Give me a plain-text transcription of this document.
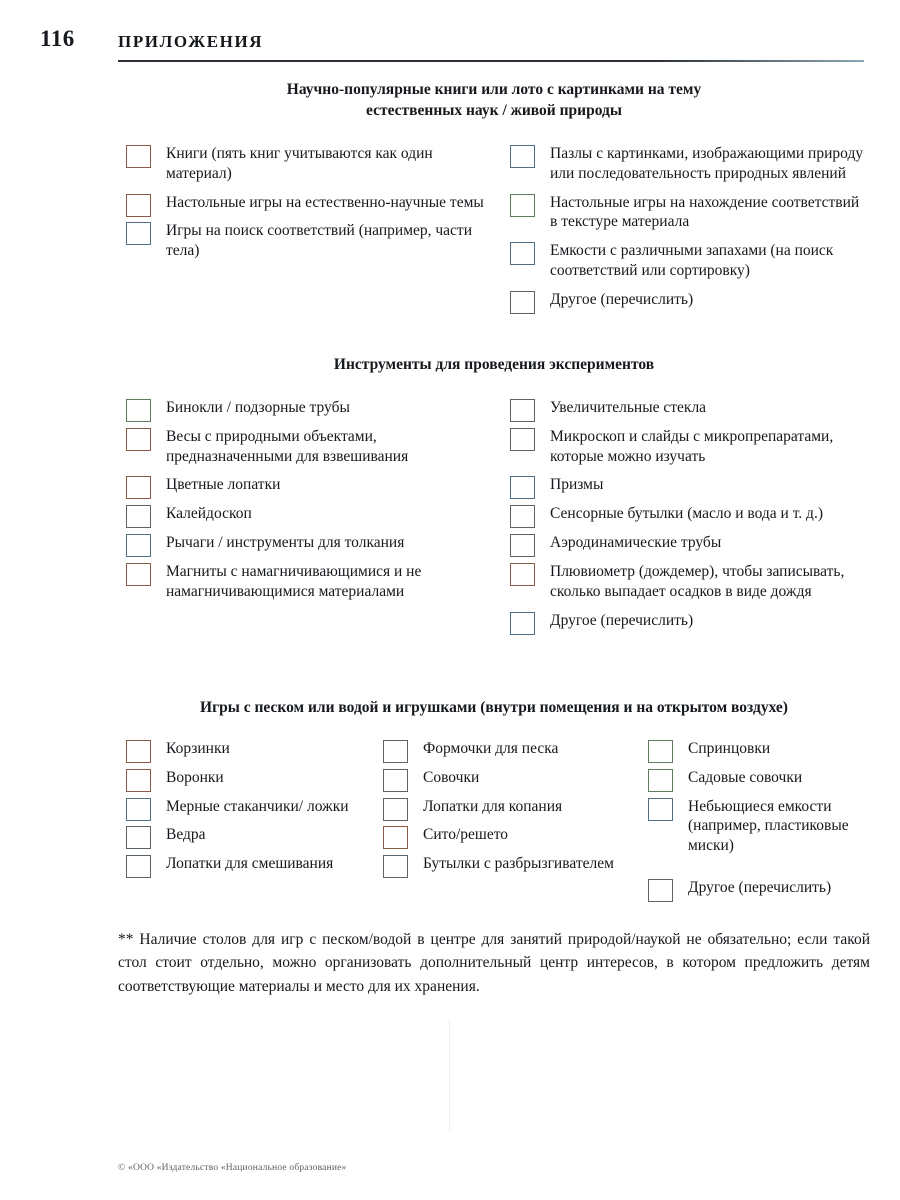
116	ПРИЛОЖЕНИЯ
Научно-популярные книги или лото с картинками на тему
естественных наук / живой природы
Книги (пять книг учитываются как один материал)
Настольные игры на естественно-научные темы
Игры на поиск соответствий (например, части тела)
Пазлы с картинками, изображающими природу или последовательность природных явлений
Настольные игры на нахождение соответствий в текстуре материала
Емкости с различными запахами (на поиск соответствий или сортировку)
Другое (перечислить)
Инструменты для проведения экспериментов
Бинокли / подзорные трубы
Весы с природными объектами, предназначенными для взвешивания
Цветные лопатки
Калейдоскоп
Рычаги / инструменты для толкания
Магниты с намагничивающимися и не намагничивающимися материалами
Увеличительные стекла
Микроскоп и слайды с микропрепаратами, которые можно изучать
Призмы
Сенсорные бутылки (масло и вода и т. д.)
Аэродинамические трубы
Плювиометр (дождемер), чтобы записывать, сколько выпадает осадков в виде дождя
Другое (перечислить)
Игры с песком или водой и игрушками (внутри помещения и на открытом воздухе)
Корзинки
Воронки
Мерные стаканчики/ ложки
Ведра
Лопатки для смешивания
Формочки для песка
Совочки
Лопатки для копания
Сито/решето
Бутылки с разбрызгивателем
Спринцовки
Садовые совочки
Небьющиеся емкости (например, пластиковые миски)
Другое (перечислить)
** Наличие столов для игр с песком/водой в центре для занятий природой/наукой не обязательно; если такой стол стоит отдельно, можно организовать дополнительный центр интересов, в котором предложить детям соответствующие материалы и место для их хранения.
© «ООО «Издательство «Национальное образование»
